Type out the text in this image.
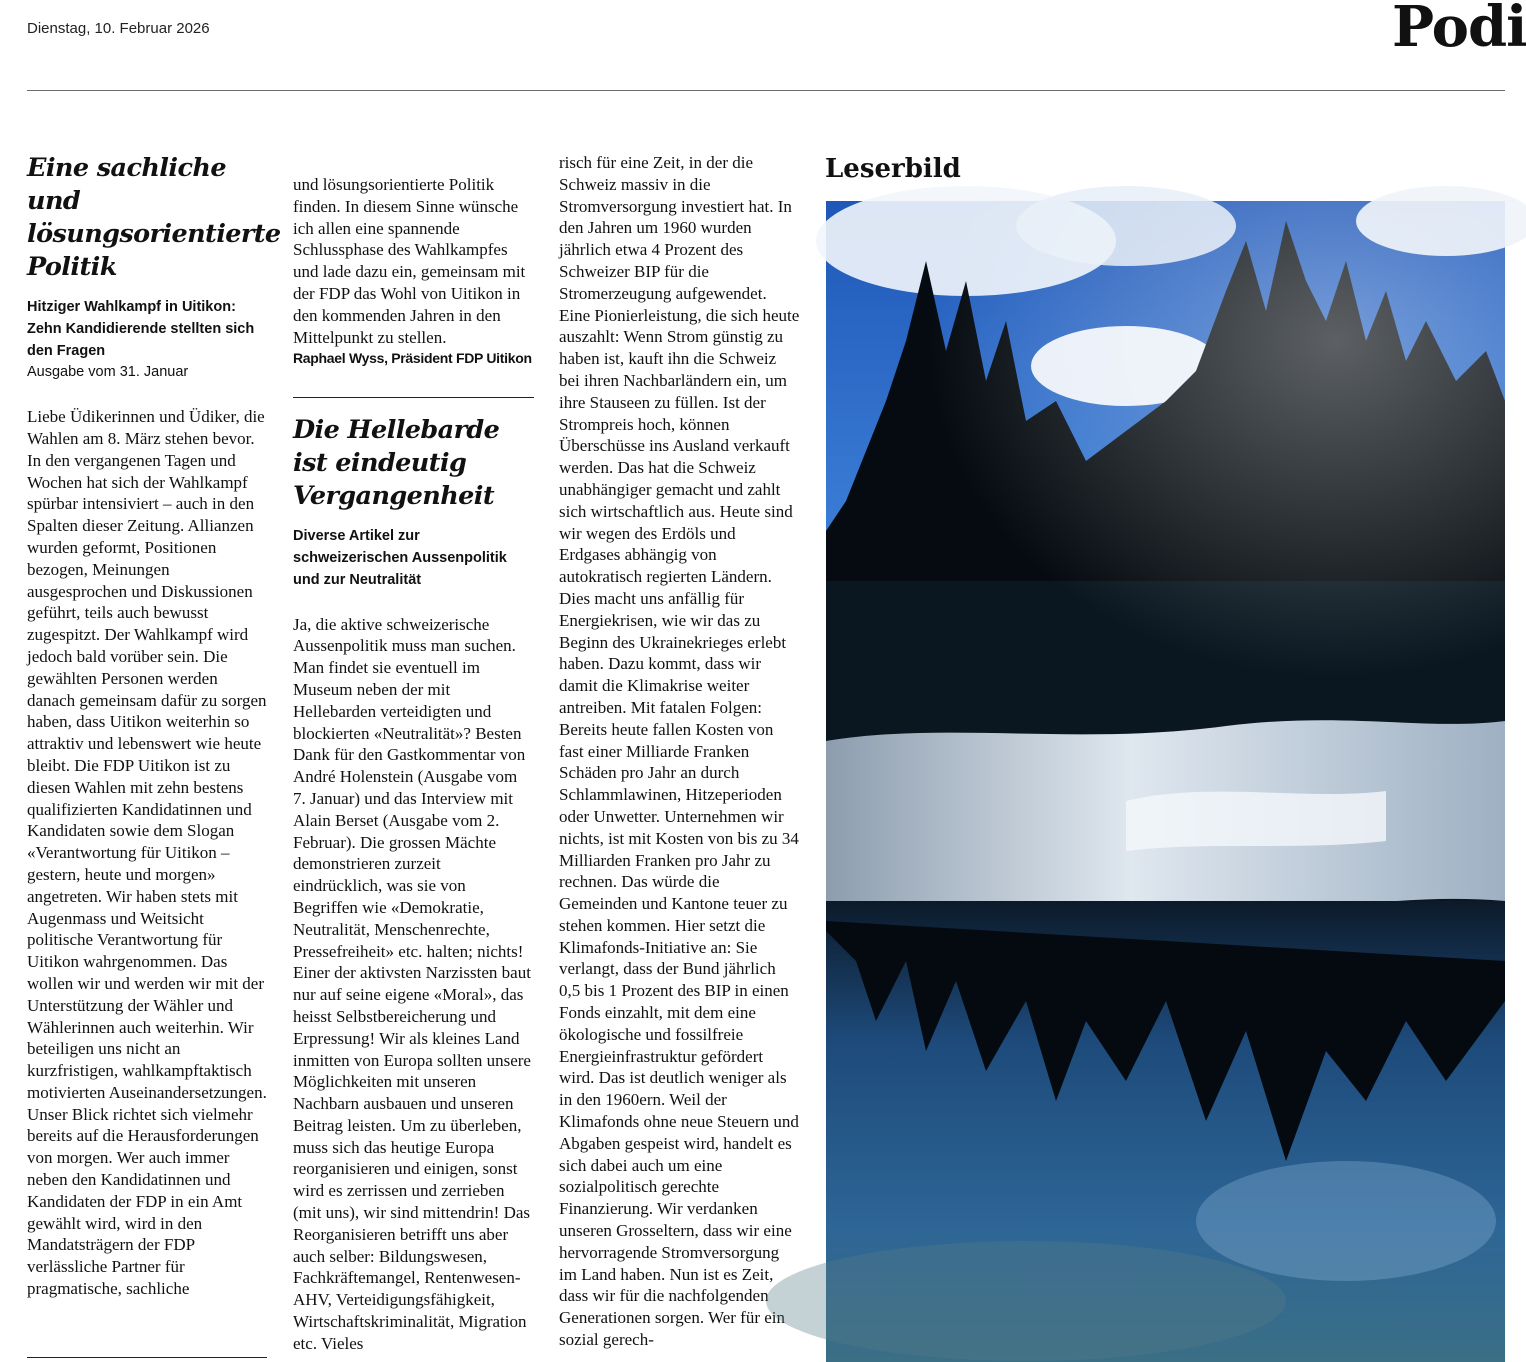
Dienstag, 10. Februar 2026	Podi
Eine sachliche und lösungsorientierte Politik
Hitziger Wahlkampf in Uitikon: Zehn Kandidierende stellten sich den Fragen
Ausgabe vom 31. Januar

Liebe Üdikerinnen und Üdiker, die Wahlen am 8. März stehen bevor. In den vergangenen Tagen und Wochen hat sich der Wahlkampf spürbar intensiviert – auch in den Spalten dieser Zeitung. Allianzen wurden geformt, Positionen bezogen, Meinungen ausgesprochen und Diskussionen geführt, teils auch bewusst zugespitzt. Der Wahlkampf wird jedoch bald vorüber sein. Die gewählten Personen werden danach gemeinsam dafür zu sorgen haben, dass Uitikon weiterhin so attraktiv und lebenswert wie heute bleibt. Die FDP Uitikon ist zu diesen Wahlen mit zehn bestens qualifizierten Kandidatinnen und Kandidaten sowie dem Slogan «Verantwortung für Uitikon – gestern, heute und morgen» angetreten. Wir haben stets mit Augenmass und Weitsicht politische Verantwortung für Uitikon wahrgenommen. Das wollen wir und werden wir mit der Unterstützung der Wähler und Wählerinnen auch weiterhin. Wir beteiligen uns nicht an kurzfristigen, wahlkampftaktisch motivierten Auseinandersetzungen. Unser Blick richtet sich vielmehr bereits auf die Herausforderungen von morgen. Wer auch immer neben den Kandidatinnen und Kandidaten der FDP in ein Amt gewählt wird, wird in den Mandatsträgern der FDP verlässliche Partner für pragmatische, sachliche

und lösungsorientierte Politik finden. In diesem Sinne wünsche ich allen eine spannende Schlussphase des Wahlkampfes und lade dazu ein, gemeinsam mit der FDP das Wohl von Uitikon in den kommenden Jahren in den Mittelpunkt zu stellen.

Raphael Wyss, Präsident FDP Uitikon
Die Hellebarde ist eindeutig Vergangenheit
Diverse Artikel zur schweizerischen Aussenpolitik und zur Neutralität

Ja, die aktive schweizerische Aussenpolitik muss man suchen. Man findet sie eventuell im Museum neben der mit Hellebarden verteidigten und blockierten «Neutralität»? Besten Dank für den Gastkommentar von André Holenstein (Ausgabe vom 7. Januar) und das Interview mit Alain Berset (Ausgabe vom 2. Februar). Die grossen Mächte demonstrieren zurzeit eindrücklich, was sie von Begriffen wie «Demokratie, Neutralität, Menschenrechte, Pressefreiheit» etc. halten; nichts! Einer der aktivsten Narzissten baut nur auf seine eigene «Moral», das heisst Selbstbereicherung und Erpressung! Wir als kleines Land inmitten von Europa sollten unsere Möglichkeiten mit unseren Nachbarn ausbauen und unseren Beitrag leisten. Um zu überleben, muss sich das heutige Europa reorganisieren und einigen, sonst wird es zerrissen und zerrieben (mit uns), wir sind mittendrin! Das Reorganisieren betrifft uns aber auch selber: Bildungswesen, Fachkräftemangel, Rentenwesen-AHV, Verteidigungsfähigkeit, Wirtschaftskriminalität, Migration etc. Vieles

risch für eine Zeit, in der die Schweiz massiv in die Stromversorgung investiert hat. In den Jahren um 1960 wurden jährlich etwa 4 Prozent des Schweizer BIP für die Stromerzeugung aufgewendet. Eine Pionierleistung, die sich heute auszahlt: Wenn Strom günstig zu haben ist, kauft ihn die Schweiz bei ihren Nachbarländern ein, um ihre Stauseen zu füllen. Ist der Strompreis hoch, können Überschüsse ins Ausland verkauft werden. Das hat die Schweiz unabhängiger gemacht und zahlt sich wirtschaftlich aus. Heute sind wir wegen des Erdöls und Erdgases abhängig von autokratisch regierten Ländern. Dies macht uns anfällig für Energiekrisen, wie wir das zu Beginn des Ukrainekrieges erlebt haben. Dazu kommt, dass wir damit die Klimakrise weiter antreiben. Mit fatalen Folgen: Bereits heute fallen Kosten von fast einer Milliarde Franken Schäden pro Jahr an durch Schlammlawinen, Hitzeperioden oder Unwetter. Unternehmen wir nichts, ist mit Kosten von bis zu 34 Milliarden Franken pro Jahr zu rechnen. Das würde die Gemeinden und Kantone teuer zu stehen kommen. Hier setzt die Klimafonds-Initiative an: Sie verlangt, dass der Bund jährlich 0,5 bis 1 Prozent des BIP in einen Fonds einzahlt, mit dem eine ökologische und fossilfreie Energieinfrastruktur gefördert wird. Das ist deutlich weniger als in den 1960ern. Weil der Klimafonds ohne neue Steuern und Abgaben gespeist wird, handelt es sich dabei auch um eine sozialpolitisch gerechte Finanzierung. Wir verdanken unseren Grosseltern, dass wir eine hervorragende Stromversorgung im Land haben. Nun ist es Zeit, dass wir für die nachfolgenden Generationen sorgen. Wer für ein sozial gerech-

Leserbild
